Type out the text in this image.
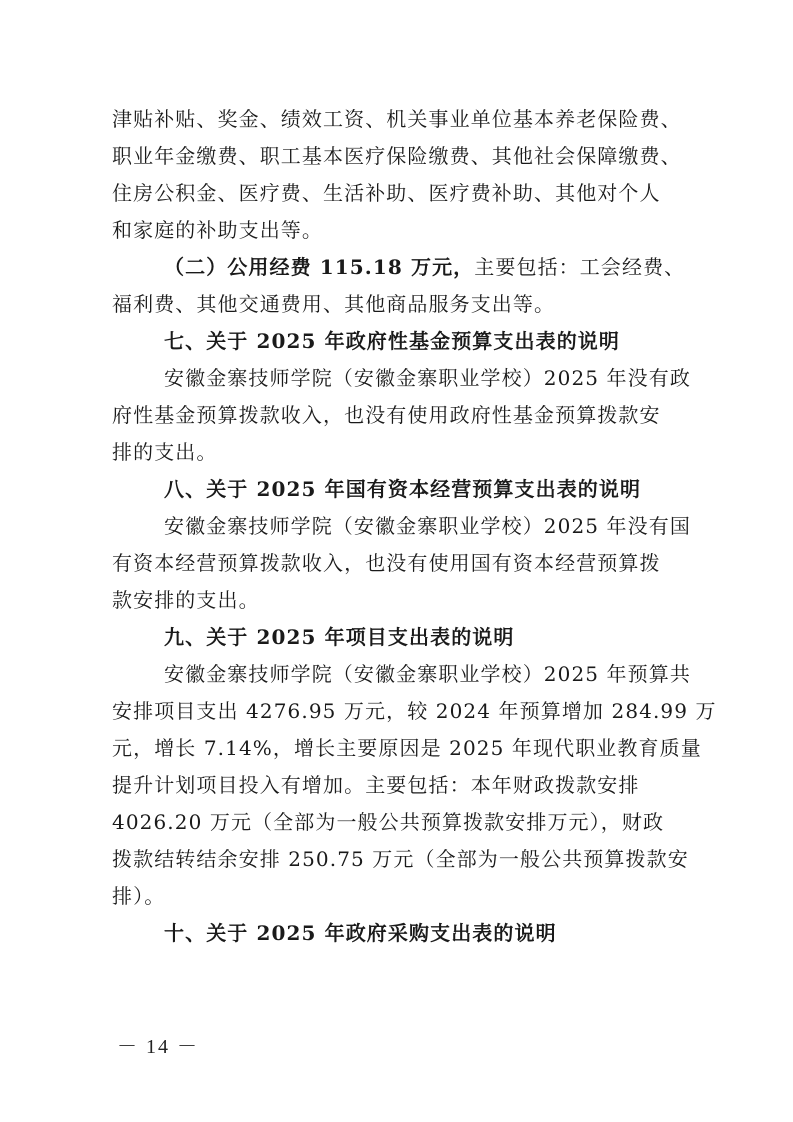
津贴补贴、奖金、绩效工资、机关事业单位基本养老保险费、
职业年金缴费、职工基本医疗保险缴费、其他社会保障缴费、
住房公积金、医疗费、生活补助、医疗费补助、其他对个人
和家庭的补助支出等。
（二）公用经费 115.18 万元，主要包括：工会经费、
福利费、其他交通费用、其他商品服务支出等。
七、关于 2025 年政府性基金预算支出表的说明
安徽金寨技师学院（安徽金寨职业学校）2025 年没有政
府性基金预算拨款收入，也没有使用政府性基金预算拨款安
排的支出。
八、关于 2025 年国有资本经营预算支出表的说明
安徽金寨技师学院（安徽金寨职业学校）2025 年没有国
有资本经营预算拨款收入，也没有使用国有资本经营预算拨
款安排的支出。
九、关于 2025 年项目支出表的说明
安徽金寨技师学院（安徽金寨职业学校）2025 年预算共
安排项目支出 4276.95 万元，较 2024 年预算增加 284.99 万
元，增长 7.14%，增长主要原因是 2025 年现代职业教育质量
提升计划项目投入有增加。主要包括：本年财政拨款安排
4026.20 万元（全部为一般公共预算拨款安排万元），财政
拨款结转结余安排 250.75 万元（全部为一般公共预算拨款安
排）。
十、关于 2025 年政府采购支出表的说明
－ 14 －
